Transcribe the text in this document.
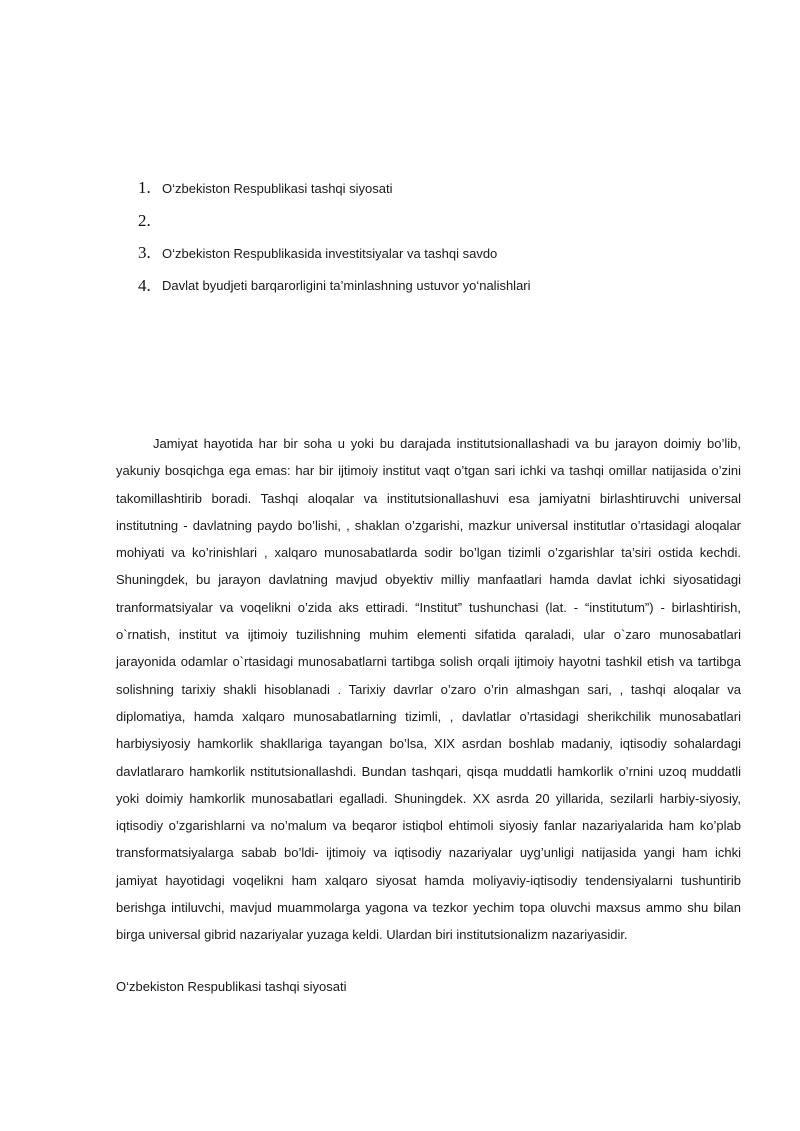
1. O‘zbekiston Respublikasi tashqi siyosati
2.
3. O‘zbekiston Respublikasida investitsiyalar va tashqi savdo
4. Davlat byudjeti barqarorligini ta’minlashning ustuvor yo‘nalishlari

Jamiyat hayotida har bir soha u yoki bu darajada institutsionallashadi va bu jarayon doimiy bo’lib, yakuniy bosqichga ega emas: har bir ijtimoiy institut vaqt o’tgan sari ichki va tashqi omillar natijasida o’zini takomillashtirib boradi. Tashqi aloqalar va institutsionallashuvi esa jamiyatni birlashtiruvchi universal institutning - davlatning paydo bo’lishi, , shaklan o’zgarishi, mazkur universal institutlar o’rtasidagi aloqalar mohiyati va ko’rinishlari , xalqaro munosabatlarda sodir bo’lgan tizimli o’zgarishlar ta’siri ostida kechdi. Shuningdek, bu jarayon davlatning mavjud obyektiv milliy manfaatlari hamda davlat ichki siyosatidagi tranformatsiyalar va voqelikni o’zida aks ettiradi. “Institut” tushunchasi (lat. - “institutum”) - birlashtirish, o`rnatish, institut va ijtimoiy tuzilishning muhim elementi sifatida qaraladi, ular o`zaro munosabatlari jarayonida odamlar o`rtasidagi munosabatlarni tartibga solish orqali ijtimoiy hayotni tashkil etish va tartibga solishning tarixiy shakli hisoblanadi . Tarixiy davrlar o’zaro o’rin almashgan sari, , tashqi aloqalar va diplomatiya, hamda xalqaro munosabatlarning tizimli, , davlatlar o’rtasidagi sherikchilik munosabatlari harbiysiyosiy hamkorlik shakllariga tayangan bo’lsa, XIX asrdan boshlab madaniy, iqtisodiy sohalardagi davlatlararo hamkorlik nstitutsionallashdi. Bundan tashqari, qisqa muddatli hamkorlik o’rnini uzoq muddatli yoki doimiy hamkorlik munosabatlari egalladi. Shuningdek. XX asrda 20 yillarida, sezilarli harbiy-siyosiy, iqtisodiy o’zgarishlarni va no’malum va beqaror istiqbol ehtimoli siyosiy fanlar nazariyalarida ham ko’plab transformatsiyalarga sabab bo’ldi- ijtimoiy va iqtisodiy nazariyalar uyg’unligi natijasida yangi ham ichki jamiyat hayotidagi voqelikni ham xalqaro siyosat hamda moliyaviy-iqtisodiy tendensiyalarni tushuntirib berishga intiluvchi, mavjud muammolarga yagona va tezkor yechim topa oluvchi maxsus ammo shu bilan birga universal gibrid nazariyalar yuzaga keldi. Ulardan biri institutsionalizm nazariyasidir.

O‘zbekiston Respublikasi tashqi siyosati
